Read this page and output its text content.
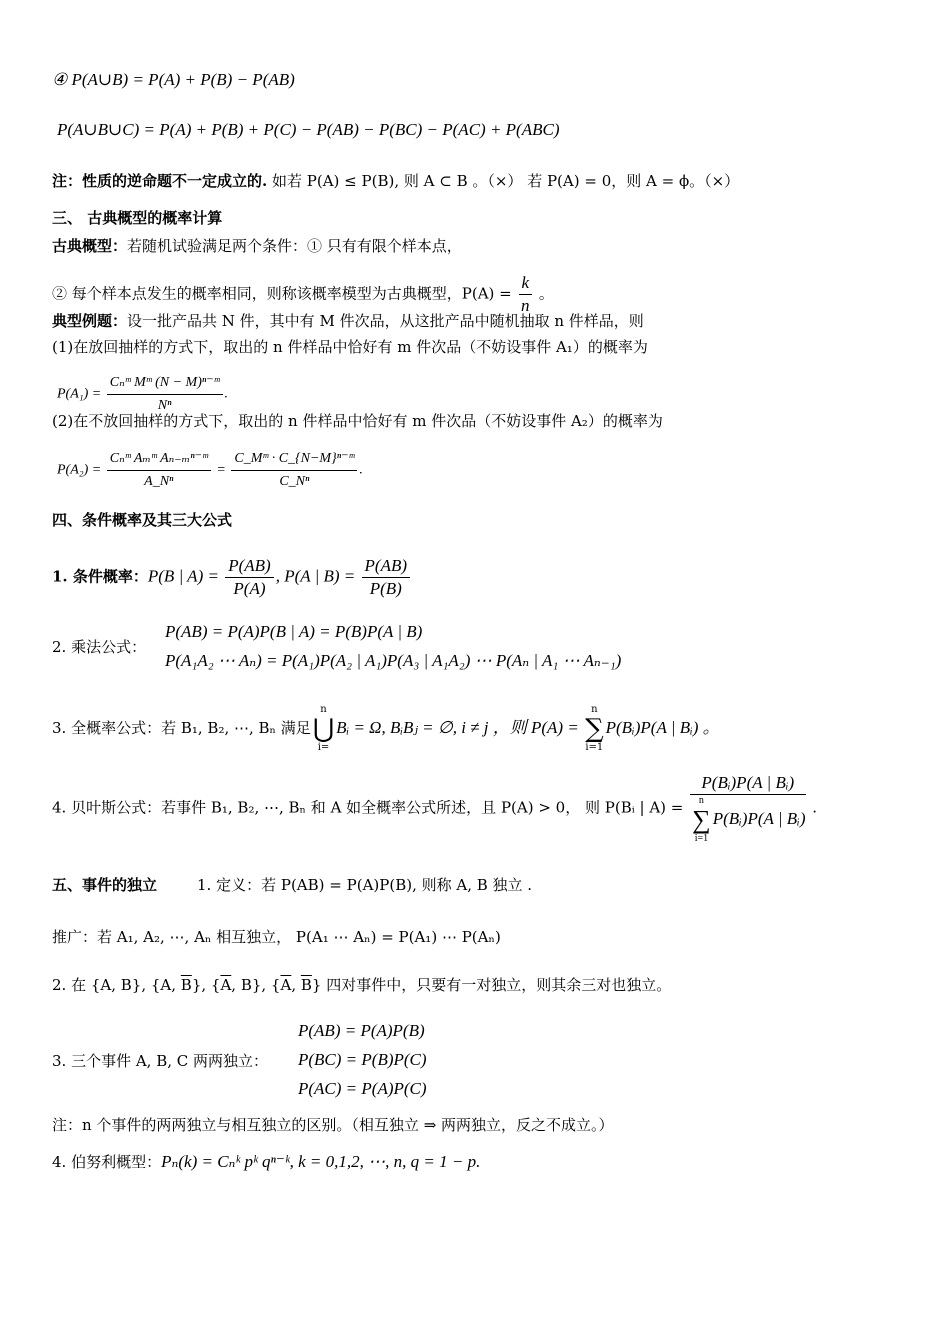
④ P(A∪B) = P(A) + P(B) − P(AB)
P(A∪B∪C) = P(A) + P(B) + P(C) − P(AB) − P(BC) − P(AC) + P(ABC)
注：性质的逆命题不一定成立的. 如若 P(A) ≤ P(B), 则 A ⊂ B 。（×） 若 P(A) = 0，则 A = ϕ。（×）
三、 古典概型的概率计算
古典概型：若随机试验满足两个条件：① 只有有限个样本点，
② 每个样本点发生的概率相同，则称该概率模型为古典概型，$P(A) = \frac{k}{n}$ 。
典型例题：设一批产品共 N 件，其中有 M 件次品，从这批产品中随机抽取 n 件样品，则
(1)在放回抽样的方式下，取出的 n 件样品中恰好有 m 件次品（不妨设事件 A₁）的概率为
$P(A_1) = \frac{\text{Cₙᵐ Mᵐ (N − M)ⁿ⁻ᵐ}}{\text{Nⁿ}}$ .
(2)在不放回抽样的方式下，取出的 n 件样品中恰好有 m 件次品（不妨设事件 A₂）的概率为
$P(A_2) = \frac{\text{Cₙᵐ Aₘᵐ Aₙ₋ₘⁿ⁻ᵐ}}{\text{A\_Nⁿ}} = \frac{\text{C\_Mᵐ · C\_\{N−M\}ⁿ⁻ᵐ}}{\text{C\_Nⁿ}}$ .
四、条件概率及其三大公式
1. 条件概率：P(B | $A) = \frac{P(AB)}{P(A)}$ , P(A | $B) = \frac{P(AB)}{P(B)}$
2. 乘法公式：
P(AB) = P(A)P(B | A) = P(B)P(A | B)
P(A₁A₂ ⋯ Aₙ) = P(A₁)P(A₂ | A₁)P(A₃ | A₁A₂) ⋯ P(Aₙ | A₁ ⋯ Aₙ₋₁)
3. 全概率公式：若 B₁, B₂, ⋯, Bₙ 满足
n
⋃
i=
Bᵢ = Ω, BᵢBⱼ = ∅, i ≠ j ，则 P(A) =
n
∑
i=1
P(Bᵢ)P(A | Bᵢ) 。
4. 贝叶斯公式：若事件 B₁, B₂, ⋯, Bₙ 和 A 如全概率公式所述，且 P(A) > 0， 则 P(Bᵢ | A) = P(Bᵢ)P(A | Bᵢ)
n
∑
i=1
P(Bᵢ)P(A | Bᵢ) .
五、事件的独立	1. 定义：若 P(AB) = P(A)P(B), 则称 A, B 独立 .
推广：若 A₁, A₂, ⋯, Aₙ 相互独立， P(A₁ ⋯ Aₙ) = P(A₁) ⋯ P(Aₙ)
2. 在 {A, B}, {A, $\overline{B}$}, {$\overline{A}$, B}, {$\overline{A}$, $\overline{B}$} 四对事件中，只要有一对独立，则其余三对也独立。
3. 三个事件 A, B, C 两两独立：
P(AB) = P(A)P(B)
P(BC) = P(B)P(C)
P(AC) = P(A)P(C)
注：n 个事件的两两独立与相互独立的区别。（相互独立 ⇒ 两两独立，反之不成立。）
4. 伯努利概型：Pₙ(k) = Cₙᵏ pᵏ qⁿ⁻ᵏ, k = 0,1,2, ⋯, n, q = 1 − p.
